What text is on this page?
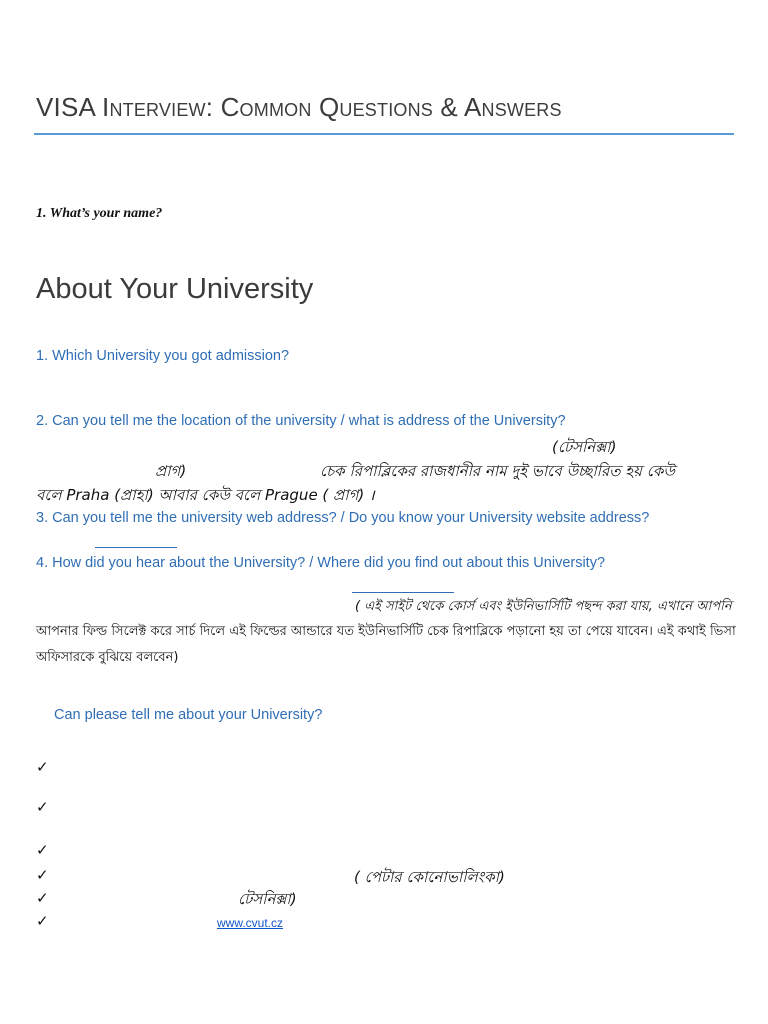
VISA Interview: Common Questions & Answers
1. What’s your name?
About Your University
1. Which University you got admission?
2. Can you tell me the location of the university / what is address of the University?
(টেসনিক্সা)
প্রাগ)	চেক রিপাব্লিকের রাজধানীর নাম দুই ভাবে উচ্ছারিত হয় কেউ
বলে Praha (প্রাহা) আবার কেউ বলে Prague ( প্রাগ) ।
3. Can you tell me the university web address? / Do you know your University website address?
4. How did you hear about the University? / Where did you find out about this University?
( এই সাইট থেকে কোর্স এবং ইউনিভার্সিটি পছন্দ করা যায়, এখানে আপনি
আপনার ফিল্ড সিলেক্ট করে সার্চ দিলে এই ফিল্ডের আন্ডারে যত ইউনিভার্সিটি চেক রিপাব্লিকে পড়ানো হয় তা পেয়ে যাবেন। এই কথাই ভিসা
অফিসারকে বুঝিয়ে বলবেন)
Can please tell me about your University?
✓
✓
✓
✓	( পেটার কোনোভালিংকা)
✓	টেসনিক্সা)
✓	www.cvut.cz
